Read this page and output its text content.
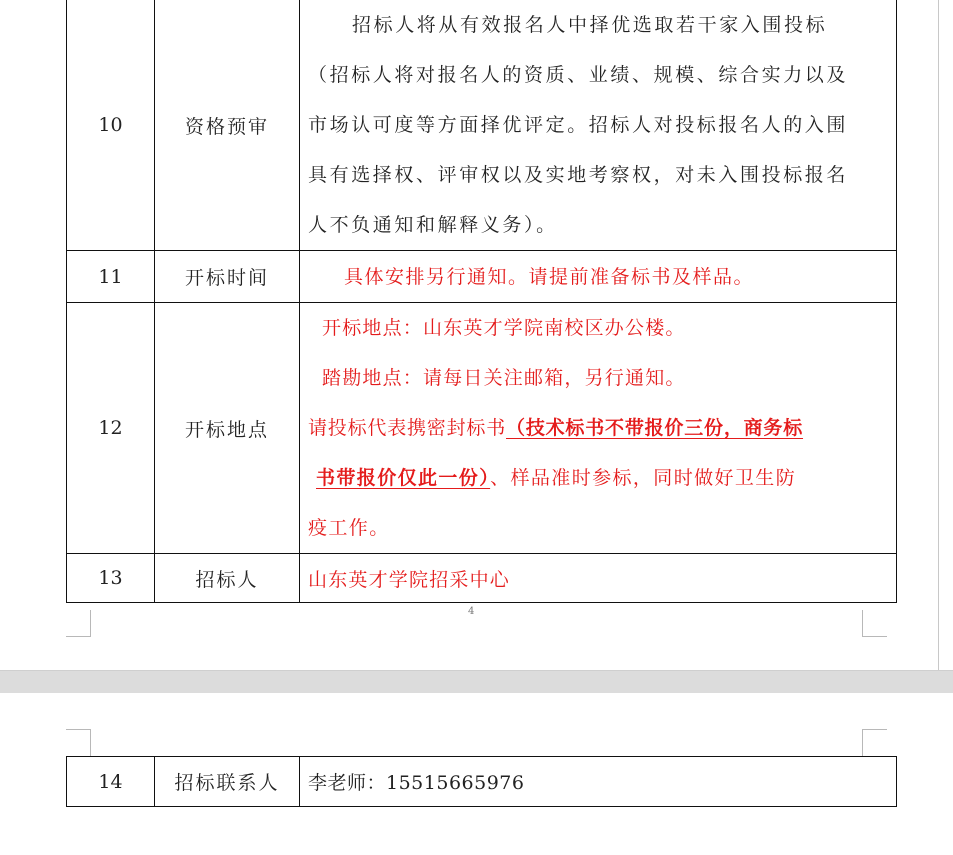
10	资格预审	招标人将从有效报名人中择优选取若干家入围投标
（招标人将对报名人的资质、业绩、规模、综合实力以及
市场认可度等方面择优评定。招标人对投标报名人的入围
具有选择权、评审权以及实地考察权，对未入围投标报名
人不负通知和解释义务）。

11	开标时间	具体安排另行通知。请提前准备标书及样品。

12	开标地点	开标地点：山东英才学院南校区办公楼。
踏勘地点：请每日关注邮箱，另行通知。
请投标代表携密封标书（技术标书不带报价三份，商务标
书带报价仅此一份）、样品准时参标，同时做好卫生防
疫工作。

13	招标人	山东英才学院招采中心
4
14	招标联系人	李老师：15515665976
